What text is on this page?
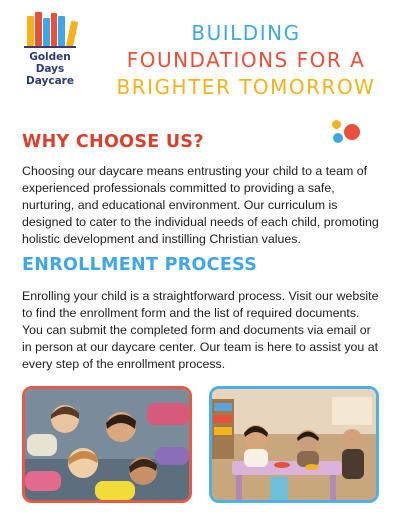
Golden Days
Daycare
BUILDING
FOUNDATIONS FOR A
BRIGHTER TOMORROW
WHY CHOOSE US?
Choosing our daycare means entrusting your child to a team of experienced professionals committed to providing a safe, nurturing, and educational environment. Our curriculum is designed to cater to the individual needs of each child, promoting holistic development and instilling Christian values.
ENROLLMENT PROCESS
Enrolling your child is a straightforward process. Visit our website to find the enrollment form and the list of required documents. You can submit the completed form and documents via email or in person at our daycare center. Our team is here to assist you at every step of the enrollment process.
